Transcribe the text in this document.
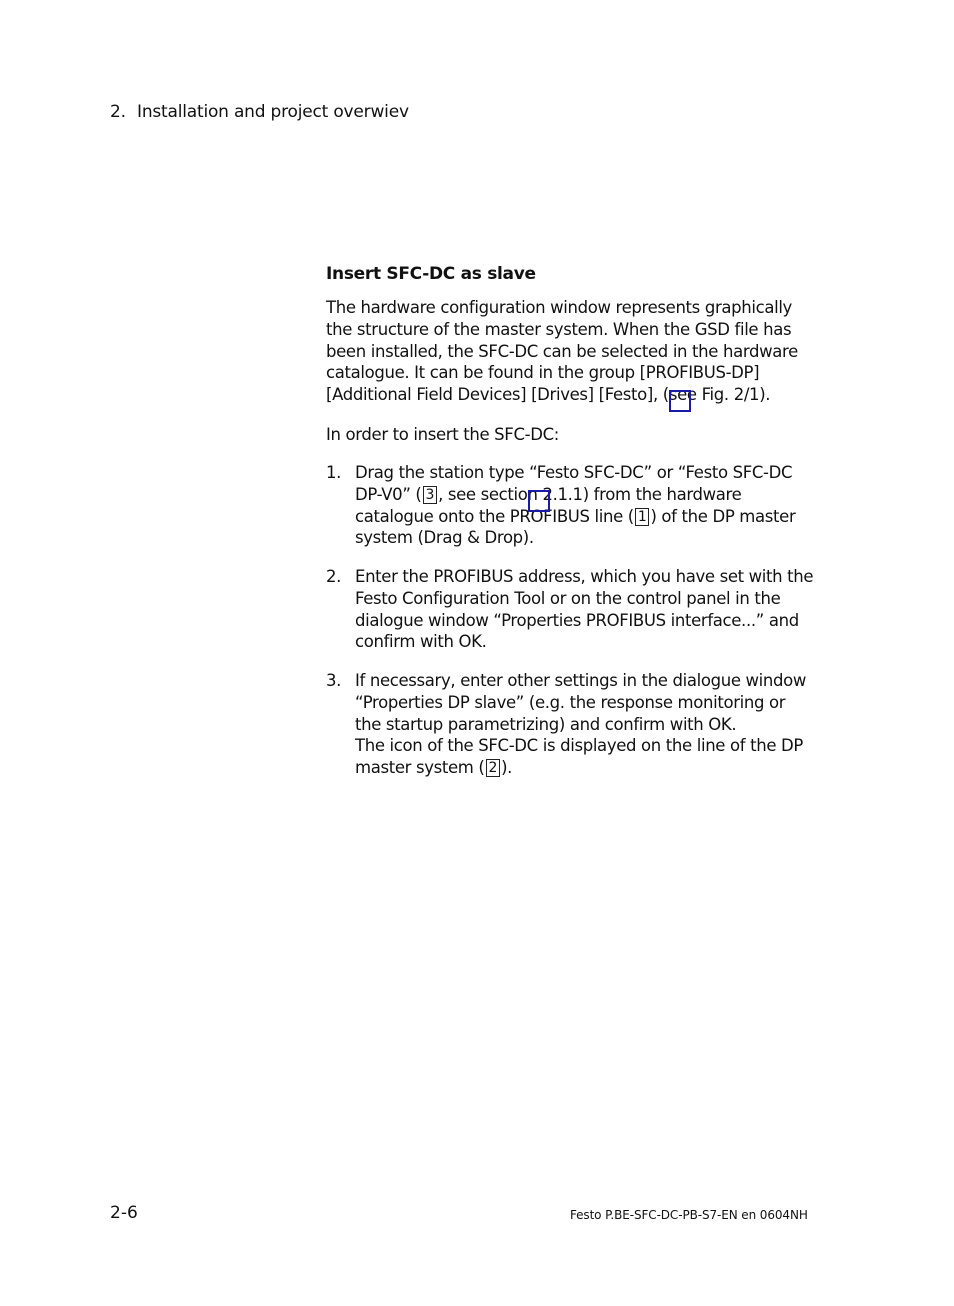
2. Installation and project overwiev
Insert SFC-DC as slave
The hardware configuration window represents graphically
the structure of the master system. When the GSD file has
been installed, the SFC-DC can be selected in the hardware
catalogue. It can be found in the group [PROFIBUS-DP]
[Additional Field Devices] [Drives] [Festo], (see Fig. 2/1).
In order to insert the SFC-DC:
1. Drag the station type “Festo SFC-DC” or “Festo SFC-DC
DP-V0” ( 3 , see section 2.1.1) from the hardware
catalogue onto the PROFIBUS line ( 1 ) of the DP master
system (Drag & Drop).
2. Enter the PROFIBUS address, which you have set with the
Festo Configuration Tool or on the control panel in the
dialogue window “Properties PROFIBUS interface...” and
confirm with OK.
3. If necessary, enter other settings in the dialogue window
“Properties DP slave” (e.g. the response monitoring or
the startup parametrizing) and confirm with OK.
The icon of the SFC-DC is displayed on the line of the DP
master system ( 2 ).
2-6	Festo P.BE-SFC-DC-PB-S7-EN en 0604NH
